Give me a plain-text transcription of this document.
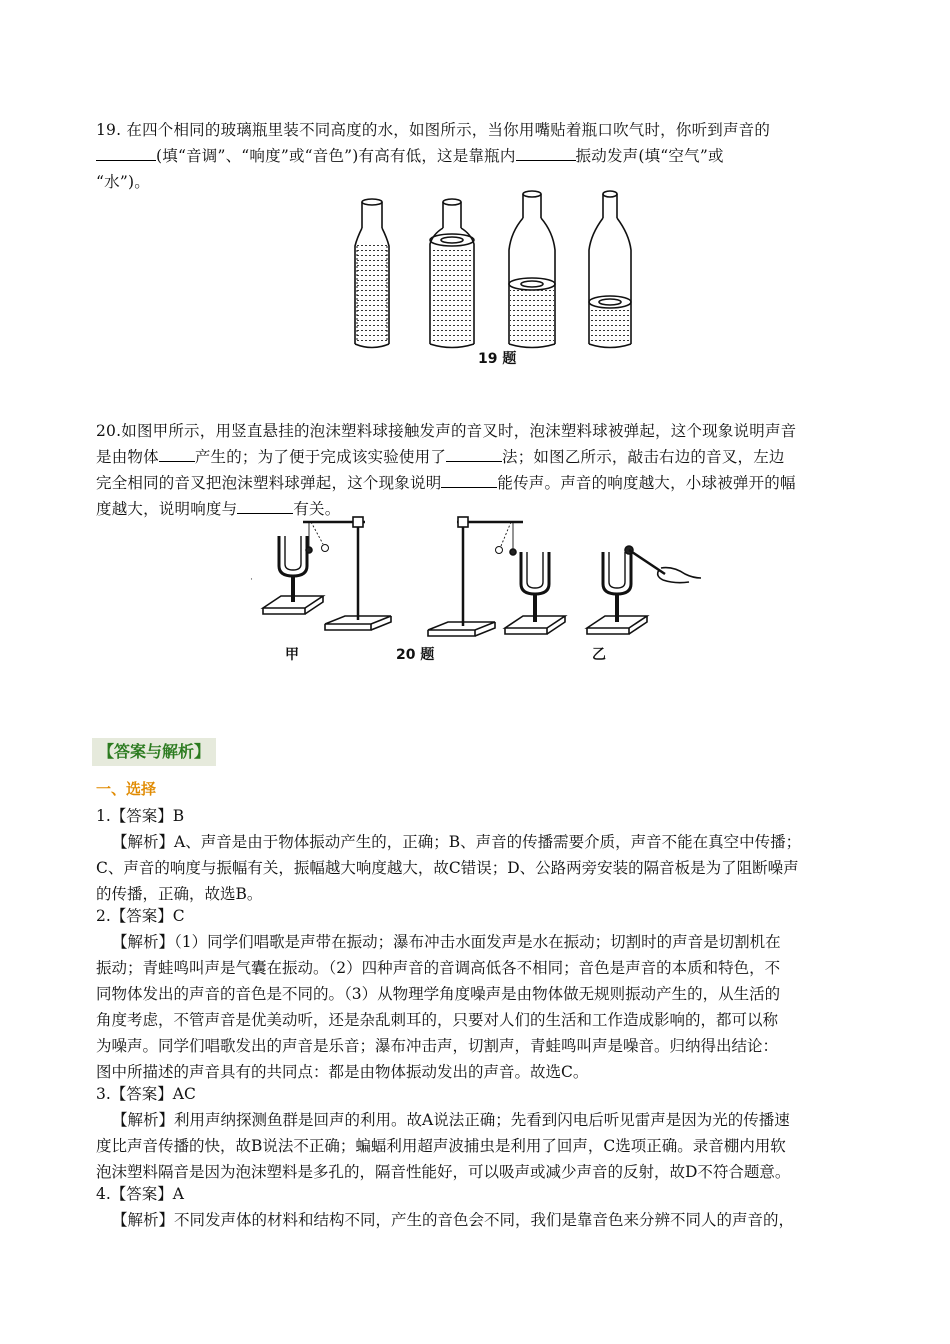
19. 在四个相同的玻璃瓶里装不同高度的水，如图所示，当你用嘴贴着瓶口吹气时，你听到声音的
(填“音调”、“响度”或“音色”)有高有低，这是靠瓶内	振动发声(填“空气”或
“水”)。
19 题
20.如图甲所示，用竖直悬挂的泡沫塑料球接触发声的音叉时，泡沫塑料球被弹起，这个现象说明声音
是由物体 产生的；为了便于完成该实验使用了	法；如图乙所示，敲击右边的音叉，左边
完全相同的音叉把泡沫塑料球弹起，这个现象说明	能传声。声音的响度越大，小球被弹开的幅
度越大，说明响度与	有关。
˙
甲	20 题	乙
【答案与解析】
一、选择
1.【答案】B
【解析】A、声音是由于物体振动产生的，正确；B、声音的传播需要介质，声音不能在真空中传播；
C、声音的响度与振幅有关，振幅越大响度越大，故C错误；D、公路两旁安装的隔音板是为了阻断噪声
的传播，正确，故选B。
2.【答案】C
【解析】（1）同学们唱歌是声带在振动；瀑布冲击水面发声是水在振动；切割时的声音是切割机在
振动；青蛙鸣叫声是气囊在振动。（2）四种声音的音调高低各不相同；音色是声音的本质和特色，不
同物体发出的声音的音色是不同的。（3）从物理学角度噪声是由物体做无规则振动产生的，从生活的
角度考虑，不管声音是优美动听，还是杂乱刺耳的，只要对人们的生活和工作造成影响的，都可以称
为噪声。同学们唱歌发出的声音是乐音；瀑布冲击声，切割声，青蛙鸣叫声是噪音。归纳得出结论：
图中所描述的声音具有的共同点：都是由物体振动发出的声音。故选C。
3.【答案】AC
【解析】利用声纳探测鱼群是回声的利用。故A说法正确；先看到闪电后听见雷声是因为光的传播速
度比声音传播的快，故B说法不正确；蝙蝠利用超声波捕虫是利用了回声，C选项正确。录音棚内用软
泡沫塑料隔音是因为泡沫塑料是多孔的，隔音性能好，可以吸声或减少声音的反射，故D不符合题意。
4.【答案】A
【解析】不同发声体的材料和结构不同，产生的音色会不同，我们是靠音色来分辨不同人的声音的，
